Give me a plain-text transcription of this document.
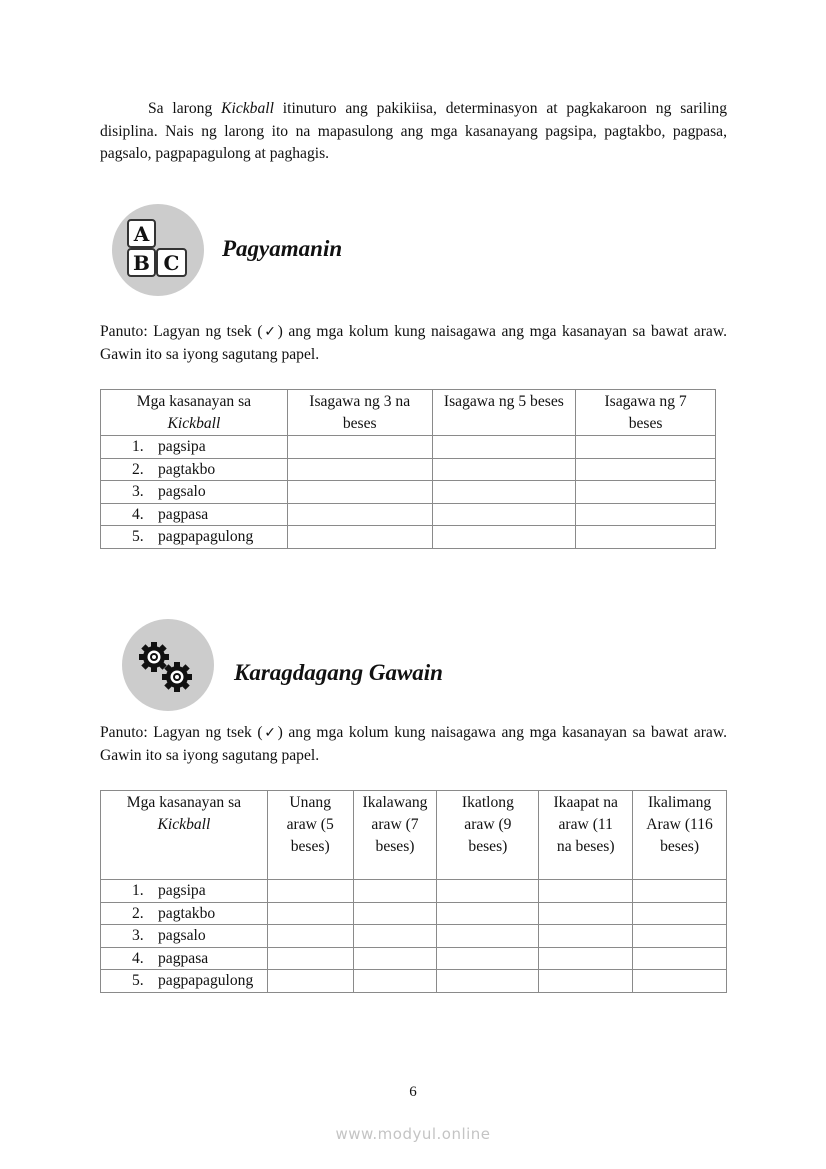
Sa larong Kickball itinuturo ang pakikiisa, determinasyon at pagkakaroon ng sariling disiplina. Nais ng larong ito na mapasulong ang mga kasanayang pagsipa, pagtakbo, pagpasa, pagsalo, pagpapagulong at paghagis.
A
B C
Pagyamanin
Panuto: Lagyan ng tsek (✓) ang mga kolum kung naisagawa ang mga kasanayan sa bawat araw. Gawin ito sa iyong sagutang papel.
Mga kasanayan sa
Kickball	Isagawa ng 3 na beses	Isagawa ng 5 beses	Isagawa ng 7 beses
1. pagsipa			
2. pagtakbo			
3. pagsalo			
4. pagpasa			
5. pagpapagulong			
Karagdagang Gawain
Panuto: Lagyan ng tsek (✓) ang mga kolum kung naisagawa ang mga kasanayan sa bawat araw. Gawin ito sa iyong sagutang papel.
Mga kasanayan sa
Kickball	Unang araw (5 beses)	Ikalawang araw (7 beses)	Ikatlong araw (9 beses)	Ikaapat na araw (11 na beses)	Ikalimang Araw (116 beses)
1. pagsipa					
2. pagtakbo					
3. pagsalo					
4. pagpasa					
5. pagpapagulong					
6
www.modyul.online
